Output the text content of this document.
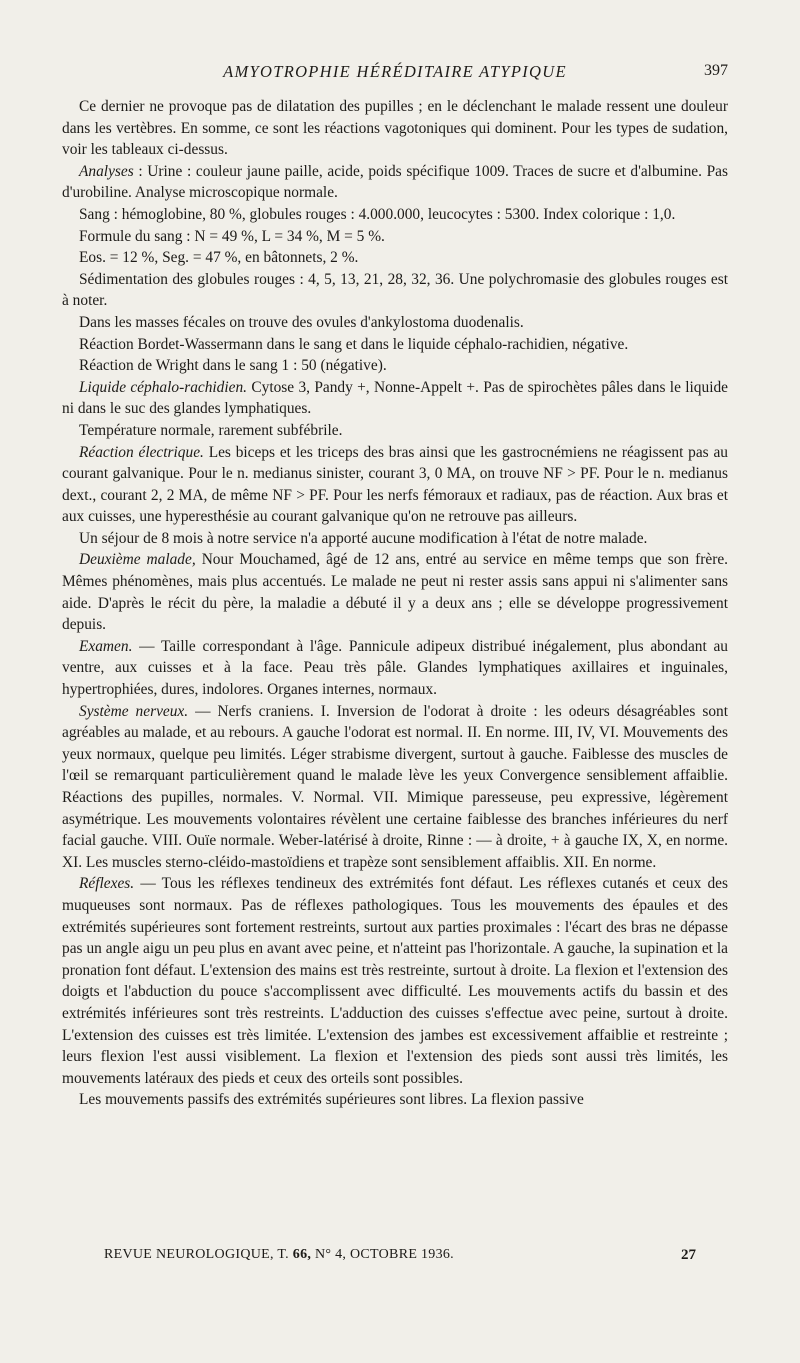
AMYOTROPHIE HÉRÉDITAIRE ATYPIQUE	397

Ce dernier ne provoque pas de dilatation des pupilles ; en le déclenchant le malade ressent une douleur dans les vertèbres. En somme, ce sont les réactions vagotoniques qui dominent. Pour les types de sudation, voir les tableaux ci-dessus.

Analyses : Urine : couleur jaune paille, acide, poids spécifique 1009. Traces de sucre et d'albumine. Pas d'urobiline. Analyse microscopique normale.

Sang : hémoglobine, 80 %, globules rouges : 4.000.000, leucocytes : 5300. Index colorique : 1,0.

Formule du sang : N = 49 %, L = 34 %, M = 5 %.

Eos. = 12 %, Seg. = 47 %, en bâtonnets, 2 %.

Sédimentation des globules rouges : 4, 5, 13, 21, 28, 32, 36. Une polychromasie des globules rouges est à noter.

Dans les masses fécales on trouve des ovules d'ankylostoma duodenalis.

Réaction Bordet-Wassermann dans le sang et dans le liquide céphalo-rachidien, négative.

Réaction de Wright dans le sang 1 : 50 (négative).

Liquide céphalo-rachidien. Cytose 3, Pandy +, Nonne-Appelt +. Pas de spirochètes pâles dans le liquide ni dans le suc des glandes lymphatiques.

Température normale, rarement subfébrile.

Réaction électrique. Les biceps et les triceps des bras ainsi que les gastrocnémiens ne réagissent pas au courant galvanique. Pour le n. medianus sinister, courant 3, 0 MA, on trouve NF > PF. Pour le n. medianus dext., courant 2, 2 MA, de même NF > PF. Pour les nerfs fémoraux et radiaux, pas de réaction. Aux bras et aux cuisses, une hyperesthésie au courant galvanique qu'on ne retrouve pas ailleurs.

Un séjour de 8 mois à notre service n'a apporté aucune modification à l'état de notre malade.

Deuxième malade, Nour Mouchamed, âgé de 12 ans, entré au service en même temps que son frère. Mêmes phénomènes, mais plus accentués. Le malade ne peut ni rester assis sans appui ni s'alimenter sans aide. D'après le récit du père, la maladie a débuté il y a deux ans ; elle se développe progressivement depuis.

Examen. — Taille correspondant à l'âge. Pannicule adipeux distribué inégalement, plus abondant au ventre, aux cuisses et à la face. Peau très pâle. Glandes lymphatiques axillaires et inguinales, hypertrophiées, dures, indolores. Organes internes, normaux.

Système nerveux. — Nerfs craniens. I. Inversion de l'odorat à droite : les odeurs désagréables sont agréables au malade, et au rebours. A gauche l'odorat est normal. II. En norme. III, IV, VI. Mouvements des yeux normaux, quelque peu limités. Léger strabisme divergent, surtout à gauche. Faiblesse des muscles de l'œil se remarquant particulièrement quand le malade lève les yeux Convergence sensiblement affaiblie. Réactions des pupilles, normales. V. Normal. VII. Mimique paresseuse, peu expressive, légèrement asymétrique. Les mouvements volontaires révèlent une certaine faiblesse des branches inférieures du nerf facial gauche. VIII. Ouïe normale. Weber-latérisé à droite, Rinne : — à droite, + à gauche IX, X, en norme. XI. Les muscles sterno-cléido-mastoïdiens et trapèze sont sensiblement affaiblis. XII. En norme.

Réflexes. — Tous les réflexes tendineux des extrémités font défaut. Les réflexes cutanés et ceux des muqueuses sont normaux. Pas de réflexes pathologiques. Tous les mouvements des épaules et des extrémités supérieures sont fortement restreints, surtout aux parties proximales : l'écart des bras ne dépasse pas un angle aigu un peu plus en avant avec peine, et n'atteint pas l'horizontale. A gauche, la supination et la pronation font défaut. L'extension des mains est très restreinte, surtout à droite. La flexion et l'extension des doigts et l'abduction du pouce s'accomplissent avec difficulté. Les mouvements actifs du bassin et des extrémités inférieures sont très restreints. L'adduction des cuisses s'effectue avec peine, surtout à droite. L'extension des cuisses est très limitée. L'extension des jambes est excessivement affaiblie et restreinte ; leurs flexion l'est aussi visiblement. La flexion et l'extension des pieds sont aussi très limités, les mouvements latéraux des pieds et ceux des orteils sont possibles.

Les mouvements passifs des extrémités supérieures sont libres. La flexion passive

REVUE NEUROLOGIQUE, T. 66, N° 4, OCTOBRE 1936.	27
